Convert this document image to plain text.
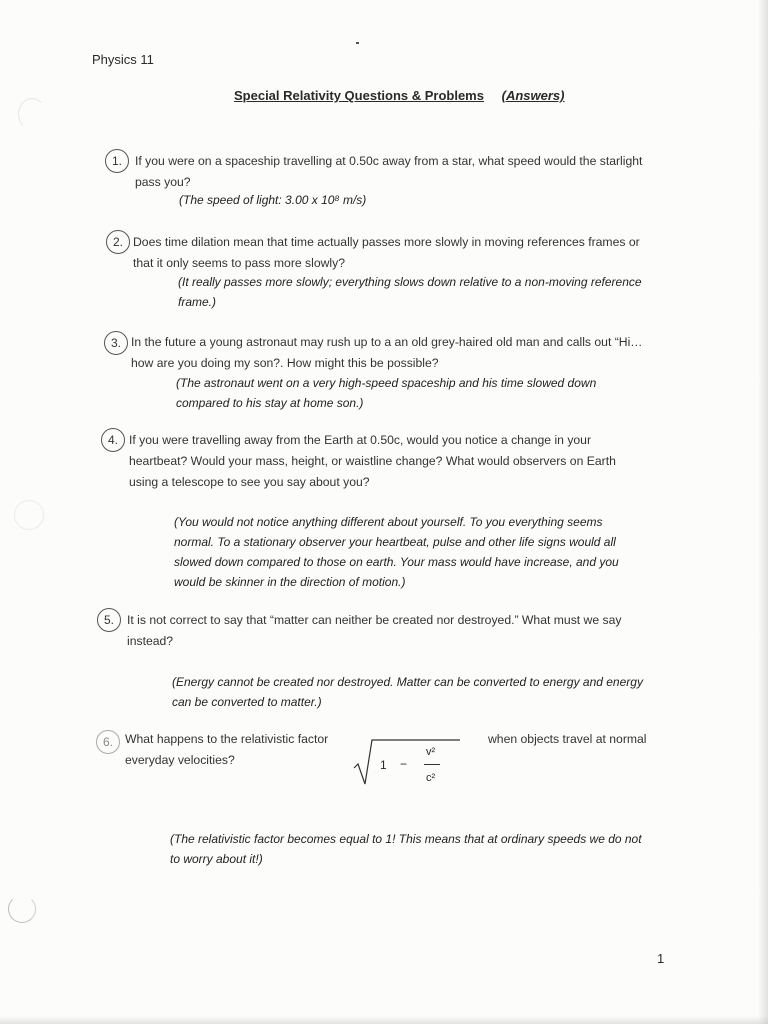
Physics 11
Special Relativity Questions & Problems (Answers)
1.	If you were on a spaceship travelling at 0.50c away from a star, what speed would the starlight
pass you?
(The speed of light: 3.00 x 10⁸ m/s)
2. Does time dilation mean that time actually passes more slowly in moving references frames or
that it only seems to pass more slowly?
(It really passes more slowly; everything slows down relative to a non-moving reference
frame.)
3. In the future a young astronaut may rush up to a an old grey-haired old man and calls out “Hi…
how are you doing my son?. How might this be possible?
(The astronaut went on a very high-speed spaceship and his time slowed down
compared to his stay at home son.)
4. If you were travelling away from the Earth at 0.50c, would you notice a change in your
heartbeat? Would your mass, height, or waistline change? What would observers on Earth
using a telescope to see you say about you?
(You would not notice anything different about yourself. To you everything seems
normal. To a stationary observer your heartbeat, pulse and other life signs would all
slowed down compared to those on earth. Your mass would have increase, and you
would be skinner in the direction of motion.)
5.	It is not correct to say that “matter can neither be created nor destroyed.” What must we say
instead?
(Energy cannot be created nor destroyed. Matter can be converted to energy and energy
can be converted to matter.)
6. What happens to the relativistic factor
everyday velocities?
when objects travel at normal
1 −
v²
c²
(The relativistic factor becomes equal to 1! This means that at ordinary speeds we do not
to worry about it!)
1
